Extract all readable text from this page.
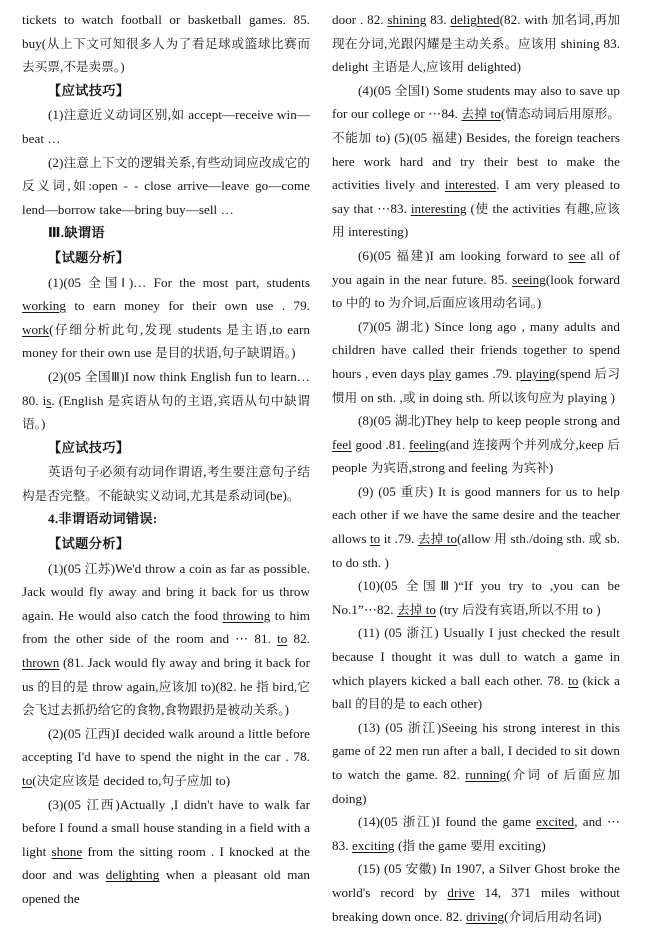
tickets to watch football or basketball games. 85. buy(从上下文可知很多人为了看足球或篮球比赛而去买票,不是卖票。)

【应试技巧】

(1)注意近义动词区别,如 accept—receive win—beat …

(2)注意上下文的逻辑关系,有些动词应改成它的反义词,如:open - - close arrive—leave go—come lend—borrow take—bring buy—sell …

Ⅲ.缺谓语

【试题分析】

(1)(05 全国Ⅰ)… For the most part, students working to earn money for their own use . 79. work(仔细分析此句,发现 students 是主语,to earn money for their own use 是目的状语,句子缺谓语。)

(2)(05 全国Ⅲ)I now think English fun to learn…80. is. (English 是宾语从句的主语,宾语从句中缺谓语。)

【应试技巧】

英语句子必须有动词作谓语,考生要注意句子结构是否完整。不能缺实义动词,尤其是系动词(be)。

4.非谓语动词错误:

【试题分析】

(1)(05 江苏)We'd throw a coin as far as possible. Jack would fly away and bring it back for us throw again. He would also catch the food throwing to him from the other side of the room and ⋯ 81. to 82. thrown (81. Jack would fly away and bring it back for us 的目的是 throw again,应该加 to)(82. he 指 bird,它会飞过去抓扔给它的食物,食物跟扔是被动关系。)

(2)(05 江西)I decided walk around a little before accepting I'd have to spend the night in the car . 78. to(决定应该是 decided to,句子应加 to)

(3)(05 江西)Actually ,I didn't have to walk far before I found a small house standing in a field with a light shone from the sitting room . I knocked at the door and was delighting when a pleasant old man opened the

door . 82. shining 83. delighted(82. with 加名词,再加现在分词,光跟闪耀是主动关系。应该用 shining 83. delight 主语是人,应该用 delighted)

(4)(05 全国Ⅰ) Some students may also to save up for our college or ⋯84. 去掉 to(情态动词后用原形。不能加 to) (5)(05 福建) Besides, the foreign teachers here work hard and try their best to make the activities lively and interested. I am very pleased to say that ⋯83. interesting (使 the activities 有趣,应该用 interesting)

(6)(05 福建)I am looking forward to see all of you again in the near future. 85. seeing(look forward to 中的 to 为介词,后面应该用动名词。)

(7)(05 湖北) Since long ago , many adults and children have called their friends together to spend hours , even days play games .79. playing(spend 后习惯用 on sth. ,或 in doing sth. 所以该句应为 playing )

(8)(05 湖北)They help to keep people strong and feel good .81. feeling(and 连接两个并列成分,keep 后 people 为宾语,strong and feeling 为宾补)

(9) (05 重庆) It is good manners for us to help each other if we have the same desire and the teacher allows to it .79. 去掉 to(allow 用 sth./doing sth. 或 sb. to do sth. )

(10)(05 全国Ⅲ)“If you try to ,you can be No.1”⋯82. 去掉 to (try 后没有宾语,所以不用 to )

(11) (05 浙江) Usually I just checked the result because I thought it was dull to watch a game in which players kicked a ball each other. 78. to (kick a ball 的目的是 to each other)

(13) (05 浙江)Seeing his strong interest in this game of 22 men run after a ball, I decided to sit down to watch the game. 82. running(介词 of 后面应加 doing)

(14)(05 浙江)I found the game excited, and ⋯83. exciting (指 the game 要用 exciting)

(15) (05 安徽) In 1907, a Silver Ghost broke the world's record by drive 14, 371 miles without breaking down once. 82. driving(介词后用动名词)
